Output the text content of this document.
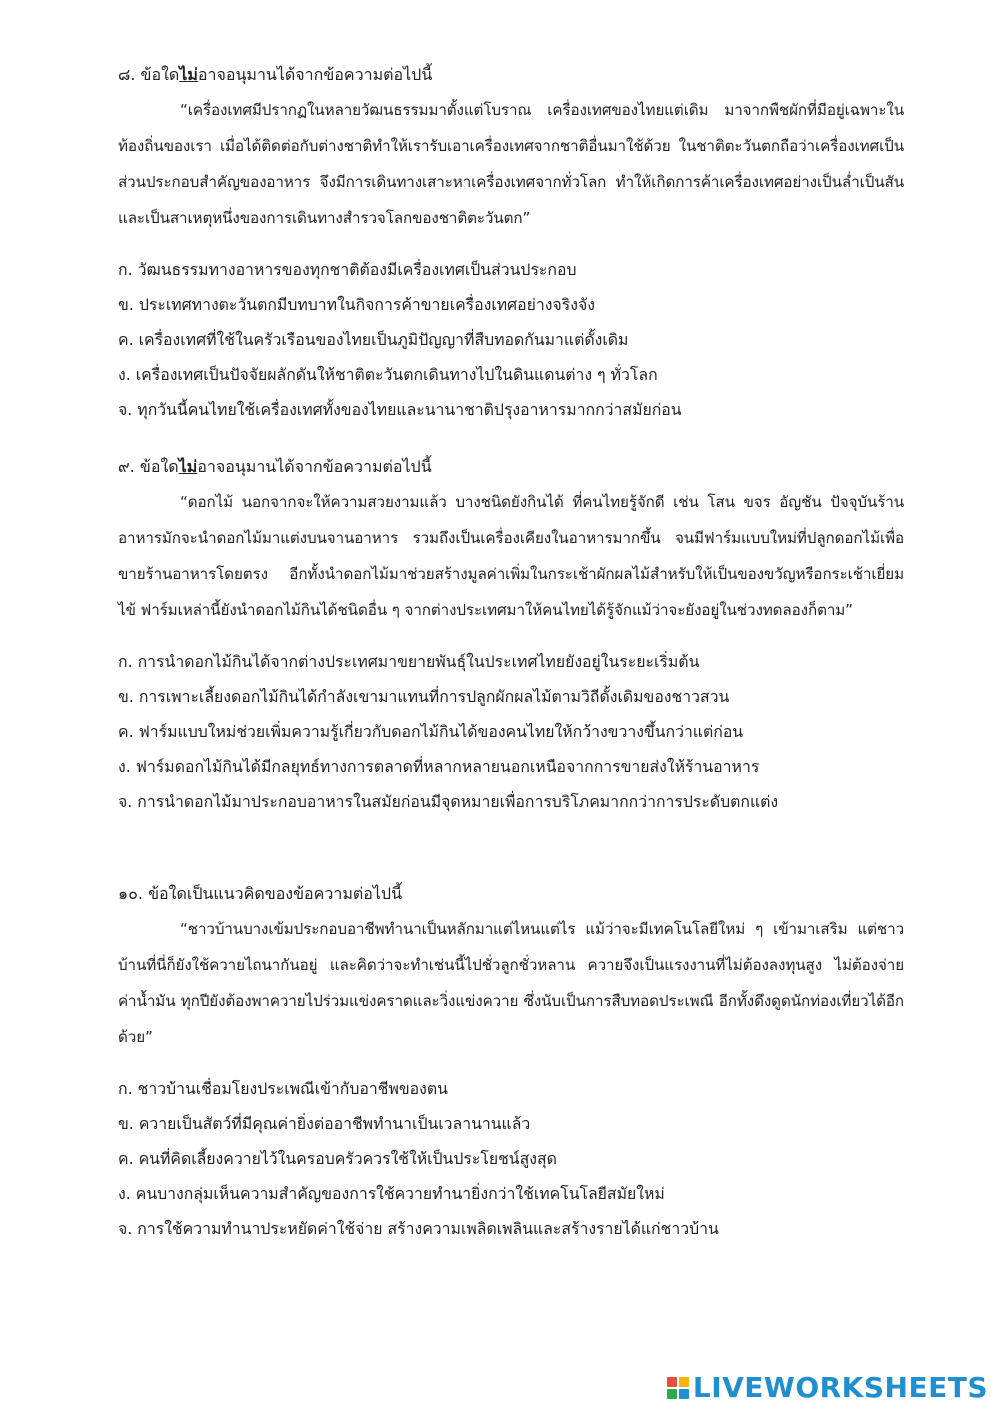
๘. ข้อใดไม่อาจอนุมานได้จากข้อความต่อไปนี้

“เครื่องเทศมีปรากฏในหลายวัฒนธรรมมาตั้งแต่โบราณ เครื่องเทศของไทยแต่เดิม มาจากพืชผักที่มีอยู่เฉพาะในท้องถิ่นของเรา เมื่อได้ติดต่อกับต่างชาติทำให้เรารับเอาเครื่องเทศจากชาติอื่นมาใช้ด้วย ในชาติตะวันตกถือว่าเครื่องเทศเป็นส่วนประกอบสำคัญของอาหาร จึงมีการเดินทางเสาะหาเครื่องเทศจากทั่วโลก ทำให้เกิดการค้าเครื่องเทศอย่างเป็นล่ำเป็นสัน และเป็นสาเหตุหนึ่งของการเดินทางสำรวจโลกของชาติตะวันตก”

ก. วัฒนธรรมทางอาหารของทุกชาติต้องมีเครื่องเทศเป็นส่วนประกอบ
ข. ประเทศทางตะวันตกมีบทบาทในกิจการค้าขายเครื่องเทศอย่างจริงจัง
ค. เครื่องเทศที่ใช้ในครัวเรือนของไทยเป็นภูมิปัญญาที่สืบทอดกันมาแต่ดั้งเดิม
ง. เครื่องเทศเป็นปัจจัยผลักดันให้ชาติตะวันตกเดินทางไปในดินแดนต่าง ๆ ทั่วโลก
จ. ทุกวันนี้คนไทยใช้เครื่องเทศทั้งของไทยและนานาชาติปรุงอาหารมากกว่าสมัยก่อน

๙. ข้อใดไม่อาจอนุมานได้จากข้อความต่อไปนี้

“ดอกไม้ นอกจากจะให้ความสวยงามแล้ว บางชนิดยังกินได้ ที่คนไทยรู้จักดี เช่น โสน ขจร อัญชัน ปัจจุบันร้านอาหารมักจะนำดอกไม้มาแต่งบนจานอาหาร รวมถึงเป็นเครื่องเคียงในอาหารมากขึ้น จนมีฟาร์มแบบใหม่ที่ปลูกดอกไม้เพื่อขายร้านอาหารโดยตรง อีกทั้งนำดอกไม้มาช่วยสร้างมูลค่าเพิ่มในกระเช้าผักผลไม้สำหรับให้เป็นของขวัญหรือกระเช้าเยี่ยมไข้ ฟาร์มเหล่านี้ยังนำดอกไม้กินได้ชนิดอื่น ๆ จากต่างประเทศมาให้คนไทยได้รู้จักแม้ว่าจะยังอยู่ในช่วงทดลองก็ตาม”

ก. การนำดอกไม้กินได้จากต่างประเทศมาขยายพันธุ์ในประเทศไทยยังอยู่ในระยะเริ่มต้น
ข. การเพาะเลี้ยงดอกไม้กินได้กำลังเขามาแทนที่การปลูกผักผลไม้ตามวิถีดั้งเดิมของชาวสวน
ค. ฟาร์มแบบใหม่ช่วยเพิ่มความรู้เกี่ยวกับดอกไม้กินได้ของคนไทยให้กว้างขวางขึ้นกว่าแต่ก่อน
ง. ฟาร์มดอกไม้กินได้มีกลยุทธ์ทางการตลาดที่หลากหลายนอกเหนือจากการขายส่งให้ร้านอาหาร
จ. การนำดอกไม้มาประกอบอาหารในสมัยก่อนมีจุดหมายเพื่อการบริโภคมากกว่าการประดับตกแต่ง

๑๐. ข้อใดเป็นแนวคิดของข้อความต่อไปนี้

“ชาวบ้านบางเข้มประกอบอาชีพทำนาเป็นหลักมาแต่ไหนแต่ไร แม้ว่าจะมีเทคโนโลยีใหม่ ๆ เข้ามาเสริม แต่ชาวบ้านที่นี่ก็ยังใช้ควายไถนากันอยู่ และคิดว่าจะทำเช่นนี้ไปชั่วลูกชั่วหลาน ควายจึงเป็นแรงงานที่ไม่ต้องลงทุนสูง ไม่ต้องจ่ายค่าน้ำมัน ทุกปียังต้องพาควายไปร่วมแข่งคราดและวิ่งแข่งควาย ซึ่งนับเป็นการสืบทอดประเพณี อีกทั้งดึงดูดนักท่องเที่ยวได้อีกด้วย”

ก. ชาวบ้านเชื่อมโยงประเพณีเข้ากับอาชีพของตน
ข. ควายเป็นสัตว์ที่มีคุณค่ายิ่งต่ออาชีพทำนาเป็นเวลานานแล้ว
ค. คนที่คิดเลี้ยงควายไว้ในครอบครัวควรใช้ให้เป็นประโยชน์สูงสุด
ง. คนบางกลุ่มเห็นความสำคัญของการใช้ควายทำนายิ่งกว่าใช้เทคโนโลยีสมัยใหม่
จ. การใช้ความทำนาประหยัดค่าใช้จ่าย สร้างความเพลิดเพลินและสร้างรายได้แก่ชาวบ้าน
LIVEWORKSHEETS
